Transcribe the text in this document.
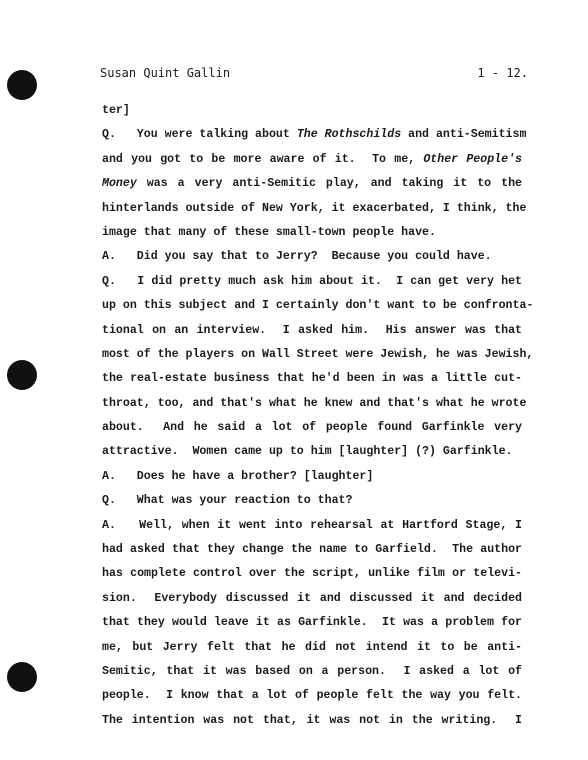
Susan Quint Gallin	1 - 12.
ter]
Q.   You were talking about The Rothschilds and anti-Semitism
and you got to be more aware of it.  To me, Other People's
Money was a very anti-Semitic play, and taking it to the
hinterlands outside of New York, it exacerbated, I think, the
image that many of these small-town people have.
A.   Did you say that to Jerry?  Because you could have.
Q.   I did pretty much ask him about it.  I can get very het
up on this subject and I certainly don't want to be confronta-
tional on an interview.  I asked him.  His answer was that
most of the players on Wall Street were Jewish, he was Jewish,
the real-estate business that he'd been in was a little cut-
throat, too, and that's what he knew and that's what he wrote
about.  And he said a lot of people found Garfinkle very
attractive.  Women came up to him [laughter] (?) Garfinkle.
A.   Does he have a brother? [laughter]
Q.   What was your reaction to that?
A.   Well, when it went into rehearsal at Hartford Stage, I
had asked that they change the name to Garfield.  The author
has complete control over the script, unlike film or televi-
sion.  Everybody discussed it and discussed it and decided
that they would leave it as Garfinkle.  It was a problem for
me, but Jerry felt that he did not intend it to be anti-
Semitic, that it was based on a person.  I asked a lot of
people.  I know that a lot of people felt the way you felt.
The intention was not that, it was not in the writing.  I
